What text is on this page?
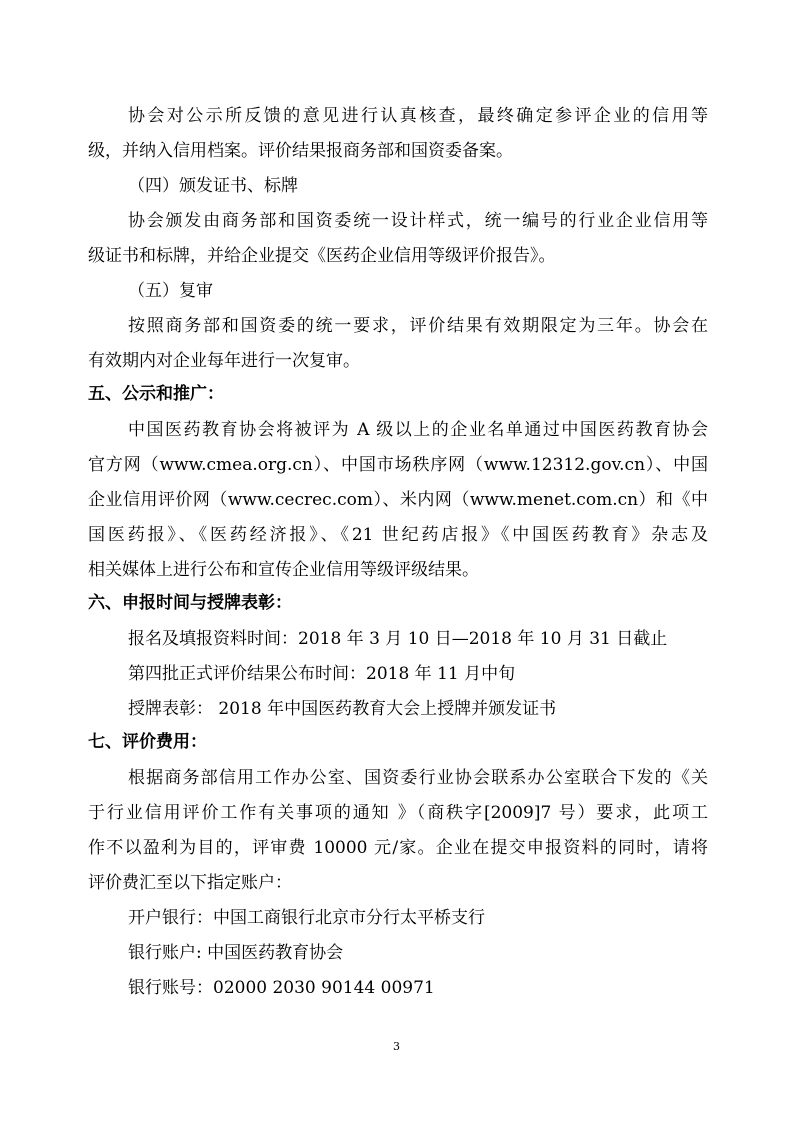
协会对公示所反馈的意见进行认真核查，最终确定参评企业的信用等
级，并纳入信用档案。评价结果报商务部和国资委备案。
（四）颁发证书、标牌
协会颁发由商务部和国资委统一设计样式，统一编号的行业企业信用等
级证书和标牌，并给企业提交《医药企业信用等级评价报告》。
（五）复审
按照商务部和国资委的统一要求，评价结果有效期限定为三年。协会在
有效期内对企业每年进行一次复审。
五、公示和推广：
中国医药教育协会将被评为 A 级以上的企业名单通过中国医药教育协会
官方网（www.cmea.org.cn）、中国市场秩序网（www.12312.gov.cn）、中国
企业信用评价网（www.cecrec.com）、米内网（www.menet.com.cn）和《中
国医药报》、《医药经济报》、《21 世纪药店报》《中国医药教育》杂志及
相关媒体上进行公布和宣传企业信用等级评级结果。
六、申报时间与授牌表彰：
报名及填报资料时间：2018 年 3 月 10 日—2018 年 10 月 31 日截止
第四批正式评价结果公布时间：2018 年 11 月中旬
授牌表彰： 2018 年中国医药教育大会上授牌并颁发证书
七、评价费用：
根据商务部信用工作办公室、国资委行业协会联系办公室联合下发的《关
于行业信用评价工作有关事项的通知 》（商秩字[2009]7 号）要求，此项工
作不以盈利为目的，评审费 10000 元/家。企业在提交申报资料的同时，请将
评价费汇至以下指定账户：
开户银行：中国工商银行北京市分行太平桥支行
银行账户: 中国医药教育协会
银行账号：02000 2030 90144 00971
3
